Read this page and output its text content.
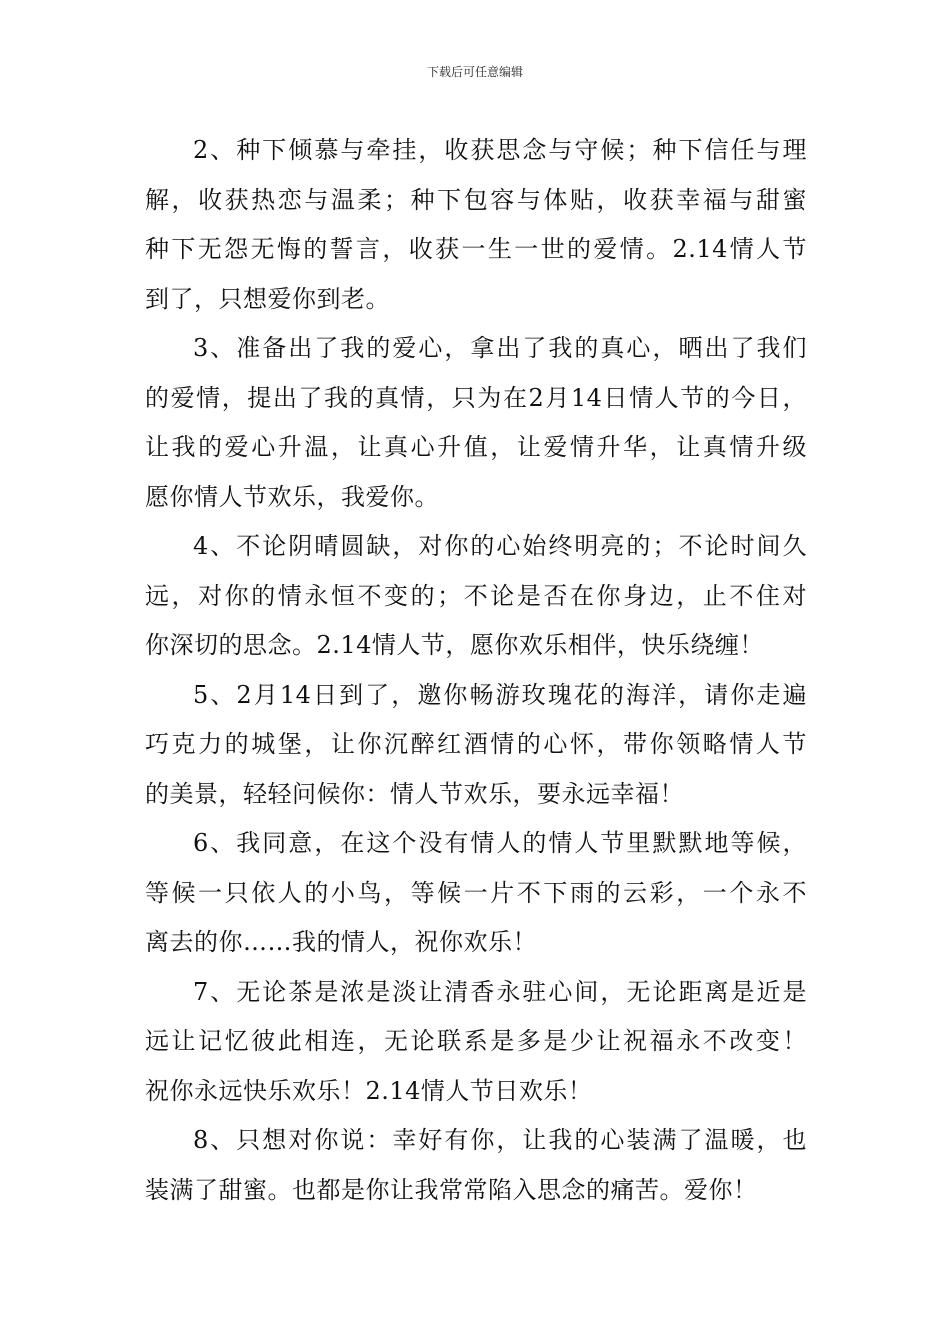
下载后可任意编辑
2、种下倾慕与牵挂，收获思念与守候；种下信任与理
解，收获热恋与温柔；种下包容与体贴，收获幸福与甜蜜
种下无怨无悔的誓言，收获一生一世的爱情。2.14情人节
到了，只想爱你到老。
3、准备出了我的爱心，拿出了我的真心，晒出了我们
的爱情，提出了我的真情，只为在2月14日情人节的今日，
让我的爱心升温，让真心升值，让爱情升华，让真情升级
愿你情人节欢乐，我爱你。
4、不论阴晴圆缺，对你的心始终明亮的；不论时间久
远，对你的情永恒不变的；不论是否在你身边，止不住对
你深切的思念。2.14情人节，愿你欢乐相伴，快乐绕缠！
5、2月14日到了，邀你畅游玫瑰花的海洋，请你走遍
巧克力的城堡，让你沉醉红酒情的心怀，带你领略情人节
的美景，轻轻问候你：情人节欢乐，要永远幸福！
6、我同意，在这个没有情人的情人节里默默地等候，
等候一只依人的小鸟，等候一片不下雨的云彩，一个永不
离去的你……我的情人，祝你欢乐！
7、无论茶是浓是淡让清香永驻心间，无论距离是近是
远让记忆彼此相连，无论联系是多是少让祝福永不改变！
祝你永远快乐欢乐！2.14情人节日欢乐！
8、只想对你说：幸好有你，让我的心装满了温暖，也
装满了甜蜜。也都是你让我常常陷入思念的痛苦。爱你！
